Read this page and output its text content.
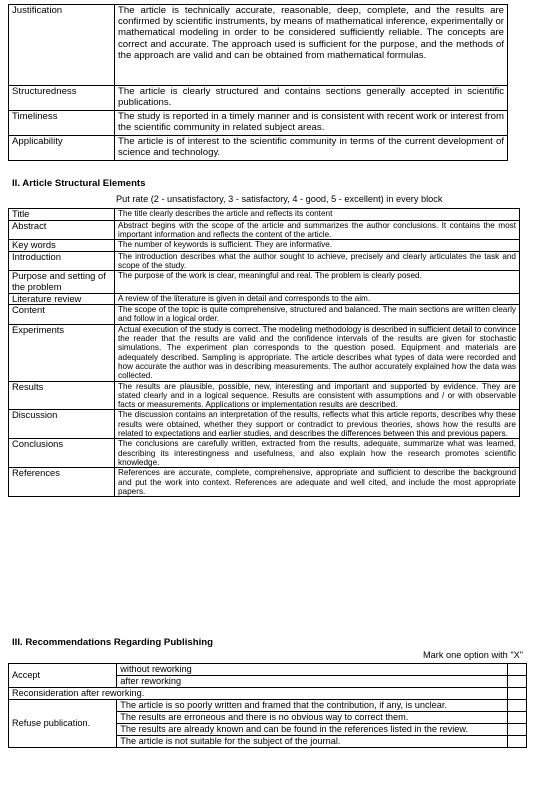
Justification	The article is technically accurate, reasonable, deep, complete, and the results are confirmed by scientific instruments, by means of mathematical inference, experimentally or mathematical modeling in order to be considered sufficiently reliable. The concepts are correct and accurate. The approach used is sufficient for the purpose, and the methods of the approach are valid and can be obtained from mathematical formulas.
Structuredness	The article is clearly structured and contains sections generally accepted in scientific publications.
Timeliness	The study is reported in a timely manner and is consistent with recent work or interest from the scientific community in related subject areas.
Applicability	The article is of interest to the scientific community in terms of the current development of science and technology.
II. Article Structural Elements
Put rate (2 - unsatisfactory, 3 - satisfactory, 4 - good, 5 - excellent) in every block
Title	The title clearly describes the article and reflects its content
Abstract	Abstract begins with the scope of the article and summarizes the author conclusions. It contains the most important information and reflects the content of the article.
Key words	The number of keywords is sufficient. They are informative.
Introduction	The introduction describes what the author sought to achieve, precisely and clearly articulates the task and scope of the study.
Purpose and setting of the problem	The purpose of the work is clear, meaningful and real. The problem is clearly posed.
Literature review	A review of the literature is given in detail and corresponds to the aim.
Content	The scope of the topic is quite comprehensive, structured and balanced. The main sections are written clearly and follow in a logical order.
Experiments	Actual execution of the study is correct. The modeling methodology is described in sufficient detail to convince the reader that the results are valid and the confidence intervals of the results are given for stochastic simulations. The experiment plan corresponds to the question posed. Equipment and materials are adequately described. Sampling is appropriate. The article describes what types of data were recorded and how accurate the author was in describing measurements. The author accurately explained how the data was collected.
Results	The results are plausible, possible, new, interesting and important and supported by evidence. They are stated clearly and in a logical sequence. Results are consistent with assumptions and / or with observable facts or measurements. Applications or implementation results are described.
Discussion	The discussion contains an interpretation of the results, reflects what this article reports, describes why these results were obtained, whether they support or contradict to previous theories, shows how the results are related to expectations and earlier studies, and describes the differences between this and previous papers.
Conclusions	The conclusions are carefully written, extracted from the results, adequate, summarize what was learned, describing its interestingness and usefulness, and also explain how the research promotes scientific knowledge.
References	References are accurate, complete, comprehensive, appropriate and sufficient to describe the background and put the work into context. References are adequate and well cited, and include the most appropriate papers.
III. Recommendations Regarding Publishing
Mark one option with "X"
Accept	without reworking	
	after reworking	
Reconsideration after reworking.		
Refuse publication.	The article is so poorly written and framed that the contribution, if any, is unclear.	
	The results are erroneous and there is no obvious way to correct them.	
	The results are already known and can be found in the references listed in the review.	
	The article is not suitable for the subject of the journal.	
